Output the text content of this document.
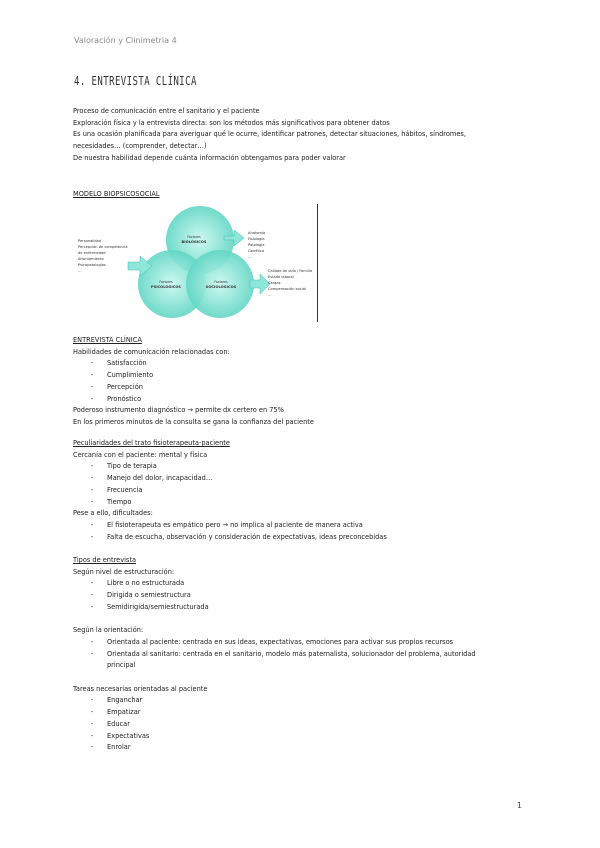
Valoración y Clinimetria 4
4. ENTREVISTA CLÍNICA
Proceso de comunicación entre el sanitario y el paciente
Exploración física y la entrevista directa: son los métodos más significativos para obtener datos
Es una ocasión planificada para averiguar qué le ocurre, identificar patrones, detectar situaciones, hábitos, síndromes,
necesidades… (comprender, detectar…)
De nuestra habilidad depende cuánta información obtengamos para poder valorar
MODELO BIOPSICOSOCIAL
Factores
BIOLÓGICOS
Factores
PSICOLÓGICOS
Factores
SOCIOLÓGICOS
Personalidad
Percepción de competencia
de enfermedad
Afrontamiento
Psicopatologías
…
Anatomía
Fisiología
Patología
Genética
…
Calidad de vida / Familia
Estado laboral
Cargas
Compensación social
…
ENTREVISTA CLÍNICA
Habilidades de comunicación relacionadas con:
- Satisfacción
- Cumplimiento
- Percepción
- Pronóstico
Poderoso instrumento diagnóstico → permite dx certero en 75%
En los primeros minutos de la consulta se gana la confianza del paciente
Peculiaridades del trato fisioterapeuta-paciente
Cercanía con el paciente: mental y física
- Tipo de terapia
- Manejo del dolor, incapacidad…
- Frecuencia
- Tiempo
Pese a ello, dificultades:
- El fisioterapeuta es empático pero → no implica al paciente de manera activa
- Falta de escucha, observación y consideración de expectativas, ideas preconcebidas
Tipos de entrevista
Según nivel de estructuración:
- Libre o no estructurada
- Dirigida o semiestructura
- Semidirigida/semiestructurada
Según la orientación:
- Orientada al paciente: centrada en sus ideas, expectativas, emociones para activar sus propios recursos
- Orientada al sanitario: centrada en el sanitario, modelo más paternalista, solucionador del problema, autoridad
principal
Tareas necesarias orientadas al paciente
- Enganchar
- Empatizar
- Educar
- Expectativas
- Enrolar
1
